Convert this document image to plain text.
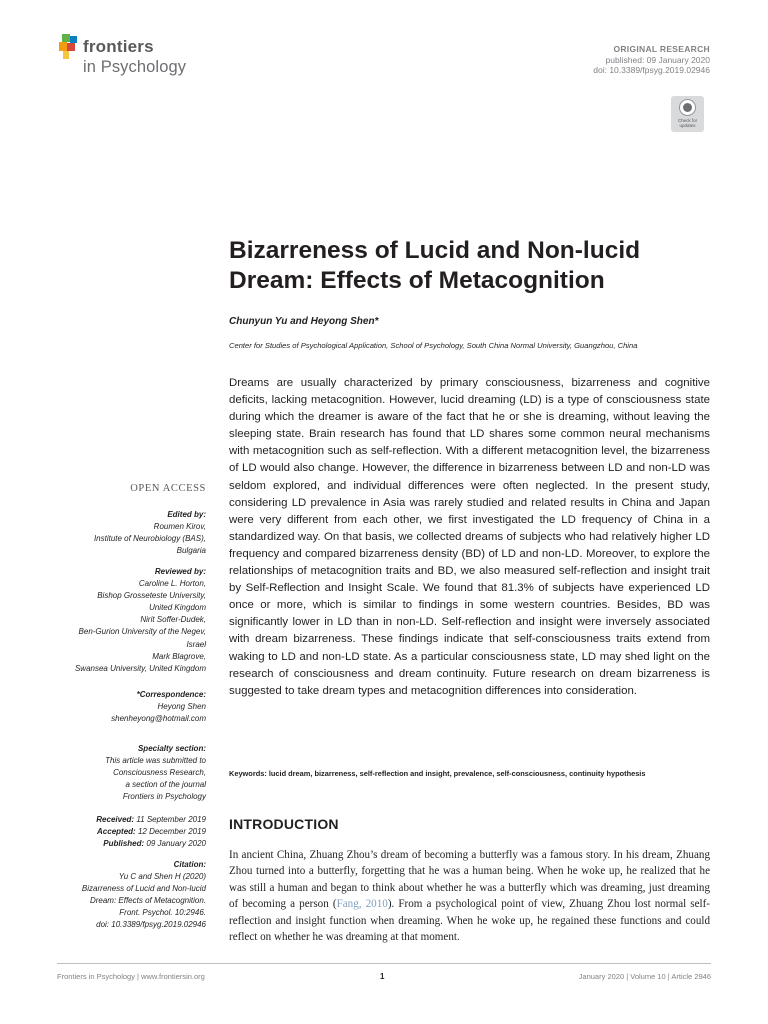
frontiers
in Psychology
ORIGINAL RESEARCH
published: 09 January 2020
doi: 10.3389/fpsyg.2019.02946
Check for updates
Bizarreness of Lucid and Non-lucid Dream: Effects of Metacognition
Chunyun Yu and Heyong Shen*
Center for Studies of Psychological Application, School of Psychology, South China Normal University, Guangzhou, China
OPEN ACCESS
Edited by:
Roumen Kirov,
Institute of Neurobiology (BAS),
Bulgaria
Reviewed by:
Caroline L. Horton,
Bishop Grosseteste University,
United Kingdom
Nirit Soffer-Dudek,
Ben-Gurion University of the Negev,
Israel
Mark Blagrove,
Swansea University, United Kingdom
*Correspondence:
Heyong Shen
shenheyong@hotmail.com
Specialty section:
This article was submitted to
Consciousness Research,
a section of the journal
Frontiers in Psychology
Received: 11 September 2019
Accepted: 12 December 2019
Published: 09 January 2020
Citation:
Yu C and Shen H (2020)
Bizarreness of Lucid and Non-lucid
Dream: Effects of Metacognition.
Front. Psychol. 10:2946.
doi: 10.3389/fpsyg.2019.02946
Dreams are usually characterized by primary consciousness, bizarreness and cognitive deficits, lacking metacognition. However, lucid dreaming (LD) is a type of consciousness state during which the dreamer is aware of the fact that he or she is dreaming, without leaving the sleeping state. Brain research has found that LD shares some common neural mechanisms with metacognition such as self-reflection. With a different metacognition level, the bizarreness of LD would also change. However, the difference in bizarreness between LD and non-LD was seldom explored, and individual differences were often neglected. In the present study, considering LD prevalence in Asia was rarely studied and related results in China and Japan were very different from each other, we first investigated the LD frequency of China in a standardized way. On that basis, we collected dreams of subjects who had relatively higher LD frequency and compared bizarreness density (BD) of LD and non-LD. Moreover, to explore the relationships of metacognition traits and BD, we also measured self-reflection and insight trait by Self-Reflection and Insight Scale. We found that 81.3% of subjects have experienced LD once or more, which is similar to findings in some western countries. Besides, BD was significantly lower in LD than in non-LD. Self-reflection and insight were inversely associated with dream bizarreness. These findings indicate that self-consciousness traits extend from waking to LD and non-LD state. As a particular consciousness state, LD may shed light on the research of consciousness and dream continuity. Future research on dream bizarreness is suggested to take dream types and metacognition differences into consideration.
Keywords: lucid dream, bizarreness, self-reflection and insight, prevalence, self-consciousness, continuity hypothesis
INTRODUCTION
In ancient China, Zhuang Zhou’s dream of becoming a butterfly was a famous story. In his dream, Zhuang Zhou turned into a butterfly, forgetting that he was a human being. When he woke up, he realized that he was still a human and began to think about whether he was a butterfly which was dreaming, just dreaming of becoming a person (Fang, 2010). From a psychological point of view, Zhuang Zhou lost normal self-reflection and insight function when dreaming. When he woke up, he regained these functions and could reflect on whether he was dreaming at that moment.
Frontiers in Psychology | www.frontiersin.org	1	January 2020 | Volume 10 | Article 2946
